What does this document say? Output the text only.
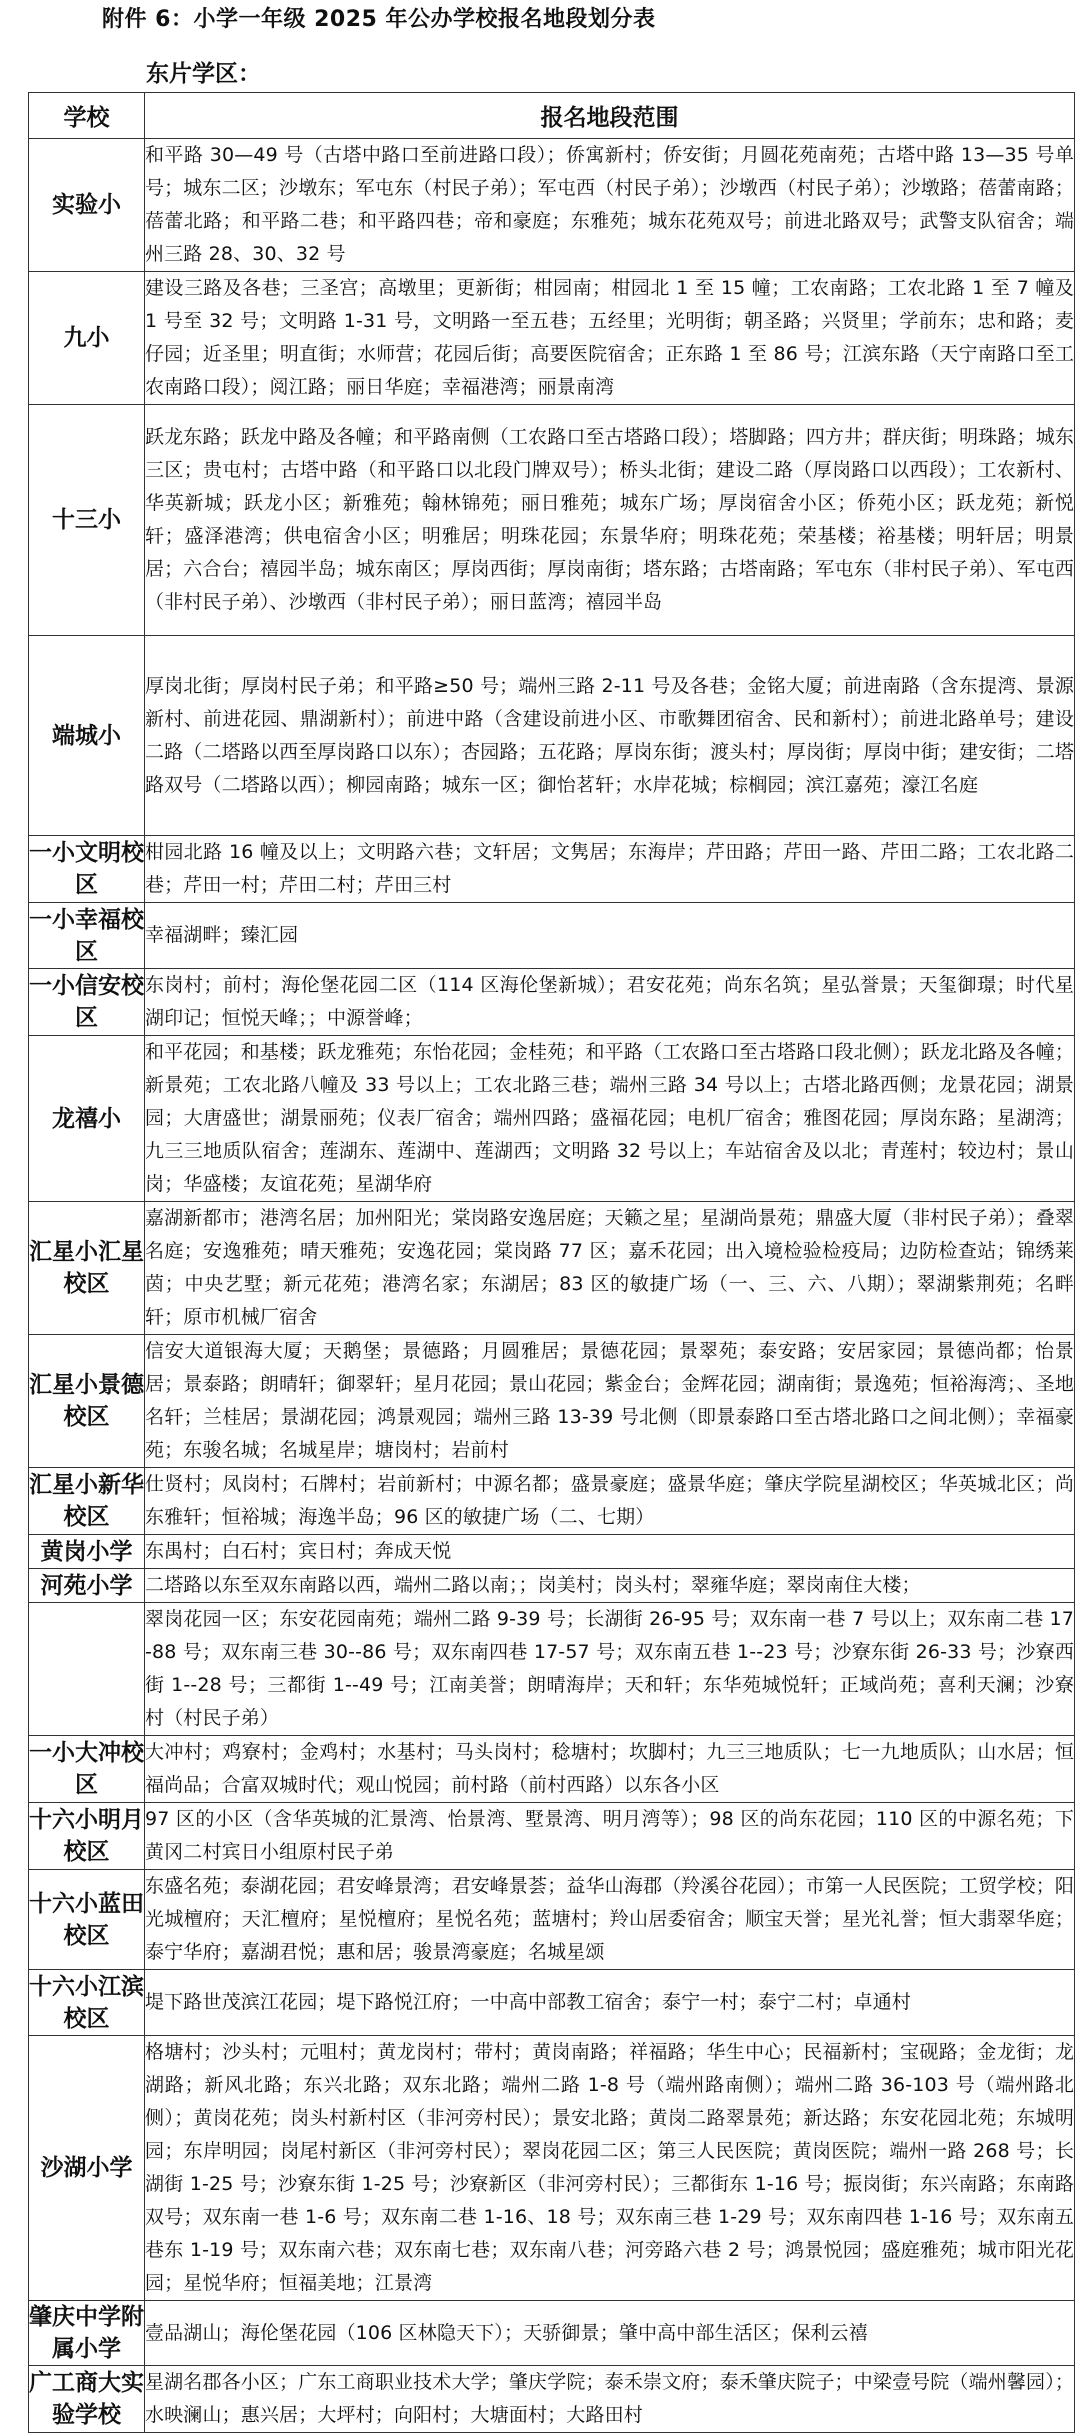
附件 6：小学一年级 2025 年公办学校报名地段划分表
东片学区：
学校	报名地段范围
实验小	和平路 30—49 号（古塔中路口至前进路口段）；侨寓新村；侨安街；月圆花苑南苑；古塔中路 13—35 号单号；城东二区；沙墩东；军屯东（村民子弟）；军屯西（村民子弟）；沙墩西（村民子弟）；沙墩路；蓓蕾南路；蓓蕾北路；和平路二巷；和平路四巷；帝和豪庭；东雅苑；城东花苑双号；前进北路双号；武警支队宿舍；端州三路 28、30、32 号
九小	建设三路及各巷；三圣宫；高墩里；更新街；柑园南；柑园北 1 至 15 幢；工农南路；工农北路 1 至 7 幢及 1 号至 32 号；文明路 1-31 号，文明路一至五巷；五经里；光明街；朝圣路；兴贤里；学前东；忠和路；麦仔园；近圣里；明直街；水师营；花园后街；高要医院宿舍；正东路 1 至 86 号；江滨东路（天宁南路口至工农南路口段）；阅江路；丽日华庭；幸福港湾；丽景南湾
十三小	跃龙东路；跃龙中路及各幢；和平路南侧（工农路口至古塔路口段）；塔脚路；四方井；群庆街；明珠路；城东三区；贵屯村；古塔中路（和平路口以北段门牌双号）；桥头北街；建设二路（厚岗路口以西段）；工农新村、华英新城；跃龙小区；新雅苑；翰林锦苑；丽日雅苑；城东广场；厚岗宿舍小区；侨苑小区；跃龙苑；新悦轩；盛泽港湾；供电宿舍小区；明雅居；明珠花园；东景华府；明珠花苑；荣基楼；裕基楼；明轩居；明景居；六合台；禧园半岛；城东南区；厚岗西街；厚岗南街；塔东路；古塔南路；军屯东（非村民子弟）、军屯西（非村民子弟）、沙墩西（非村民子弟）；丽日蓝湾；禧园半岛
端城小	厚岗北街；厚岗村民子弟；和平路≥50 号；端州三路 2-11 号及各巷；金铭大厦；前进南路（含东提湾、景源新村、前进花园、鼎湖新村）；前进中路（含建设前进小区、市歌舞团宿舍、民和新村）；前进北路单号；建设二路（二塔路以西至厚岗路口以东）；杏园路；五花路；厚岗东街；渡头村；厚岗街；厚岗中街；建安街；二塔路双号（二塔路以西）；柳园南路；城东一区；御怡茗轩；水岸花城；棕榈园；滨江嘉苑；濠江名庭
一小文明校区	柑园北路 16 幢及以上；文明路六巷；文轩居；文隽居；东海岸；芹田路；芹田一路、芹田二路；工农北路二巷；芹田一村；芹田二村；芹田三村
一小幸福校区	幸福湖畔；臻汇园
一小信安校区	东岗村；前村；海伦堡花园二区（114 区海伦堡新城）；君安花苑；尚东名筑；星弘誉景；天玺御璟；时代星湖印记；恒悦天峰；；中源誉峰；
龙禧小	和平花园；和基楼；跃龙雅苑；东怡花园；金桂苑；和平路（工农路口至古塔路口段北侧）；跃龙北路及各幢；新景苑；工农北路八幢及 33 号以上；工农北路三巷；端州三路 34 号以上；古塔北路西侧；龙景花园；湖景园；大唐盛世；湖景丽苑；仪表厂宿舍；端州四路；盛福花园；电机厂宿舍；雅图花园；厚岗东路；星湖湾；九三三地质队宿舍；莲湖东、莲湖中、莲湖西；文明路 32 号以上；车站宿舍及以北；青莲村；较边村；景山岗；华盛楼；友谊花苑；星湖华府
汇星小汇星校区	嘉湖新都市；港湾名居；加州阳光；棠岗路安逸居庭；天籁之星；星湖尚景苑；鼎盛大厦（非村民子弟）；叠翠名庭；安逸雅苑；晴天雅苑；安逸花园；棠岗路 77 区；嘉禾花园；出入境检验检疫局；边防检查站；锦绣莱茵；中央艺墅；新元花苑；港湾名家；东湖居；83 区的敏捷广场（一、三、六、八期）；翠湖紫荆苑；名畔轩；原市机械厂宿舍
汇星小景德校区	信安大道银海大厦；天鹅堡；景德路；月圆雅居；景德花园；景翠苑；泰安路；安居家园；景德尚都；怡景居；景泰路；朗晴轩；御翠轩；星月花园；景山花园；紫金台；金辉花园；湖南街；景逸苑；恒裕海湾；、圣地名轩；兰桂居；景湖花园；鸿景观园；端州三路 13-39 号北侧（即景泰路口至古塔北路口之间北侧）；幸福豪苑；东骏名城；名城星岸；塘岗村；岩前村
汇星小新华校区	仕贤村；凤岗村；石牌村；岩前新村；中源名都；盛景豪庭；盛景华庭；肇庆学院星湖校区；华英城北区；尚东雅轩；恒裕城；海逸半岛；96 区的敏捷广场（二、七期）
黄岗小学	东禺村；白石村；宾日村；奔成天悦
河苑小学	二塔路以东至双东南路以西，端州二路以南；；岗美村；岗头村；翠雍华庭；翠岗南住大楼；
	翠岗花园一区；东安花园南苑；端州二路 9-39 号；长湖街 26-95 号；双东南一巷 7 号以上；双东南二巷 17-88 号；双东南三巷 30--86 号；双东南四巷 17-57 号；双东南五巷 1--23 号；沙寮东街 26-33 号；沙寮西街 1--28 号；三都街 1--49 号；江南美誉；朗晴海岸；天和轩；东华苑城悦轩；正域尚苑；喜利天澜；沙寮村（村民子弟）
一小大冲校区	大冲村；鸡寮村；金鸡村；水基村；马头岗村；稔塘村；坎脚村；九三三地质队；七一九地质队；山水居；恒福尚品；合富双城时代；观山悦园；前村路（前村西路）以东各小区
十六小明月校区	97 区的小区（含华英城的汇景湾、怡景湾、墅景湾、明月湾等）；98 区的尚东花园；110 区的中源名苑；下黄冈二村宾日小组原村民子弟
十六小蓝田校区	东盛名苑；泰湖花园；君安峰景湾；君安峰景荟；益华山海郡（羚溪谷花园）；市第一人民医院；工贸学校；阳光城檀府；天汇檀府；星悦檀府；星悦名苑；蓝塘村；羚山居委宿舍；顺宝天誉；星光礼誉；恒大翡翠华庭；泰宁华府；嘉湖君悦；惠和居；骏景湾豪庭；名城星颂
十六小江滨校区	堤下路世茂滨江花园；堤下路悦江府；一中高中部教工宿舍；泰宁一村；泰宁二村；卓通村
沙湖小学	格塘村；沙头村；元咀村；黄龙岗村；带村；黄岗南路；祥福路；华生中心；民福新村；宝砚路；金龙街；龙湖路；新风北路；东兴北路；双东北路；端州二路 1-8 号（端州路南侧）；端州二路 36-103 号（端州路北侧）；黄岗花苑；岗头村新村区（非河旁村民）；景安北路；黄岗二路翠景苑；新达路；东安花园北苑；东城明园；东岸明园；岗尾村新区（非河旁村民）；翠岗花园二区；第三人民医院；黄岗医院；端州一路 268 号；长湖街 1-25 号；沙寮东街 1-25 号；沙寮新区（非河旁村民）；三都街东 1-16 号；振岗街；东兴南路；东南路双号；双东南一巷 1-6 号；双东南二巷 1-16、18 号；双东南三巷 1-29 号；双东南四巷 1-16 号；双东南五巷东 1-19 号；双东南六巷；双东南七巷；双东南八巷；河旁路六巷 2 号；鸿景悦园；盛庭雅苑；城市阳光花园；星悦华府；恒福美地；江景湾
肇庆中学附属小学	壹品湖山；海伦堡花园（106 区林隐天下）；天骄御景；肇中高中部生活区；保利云禧
广工商大实验学校	星湖名郡各小区；广东工商职业技术大学；肇庆学院；泰禾崇文府；泰禾肇庆院子；中梁壹号院（端州馨园）；水映澜山；惠兴居；大坪村；向阳村；大塘面村；大路田村
